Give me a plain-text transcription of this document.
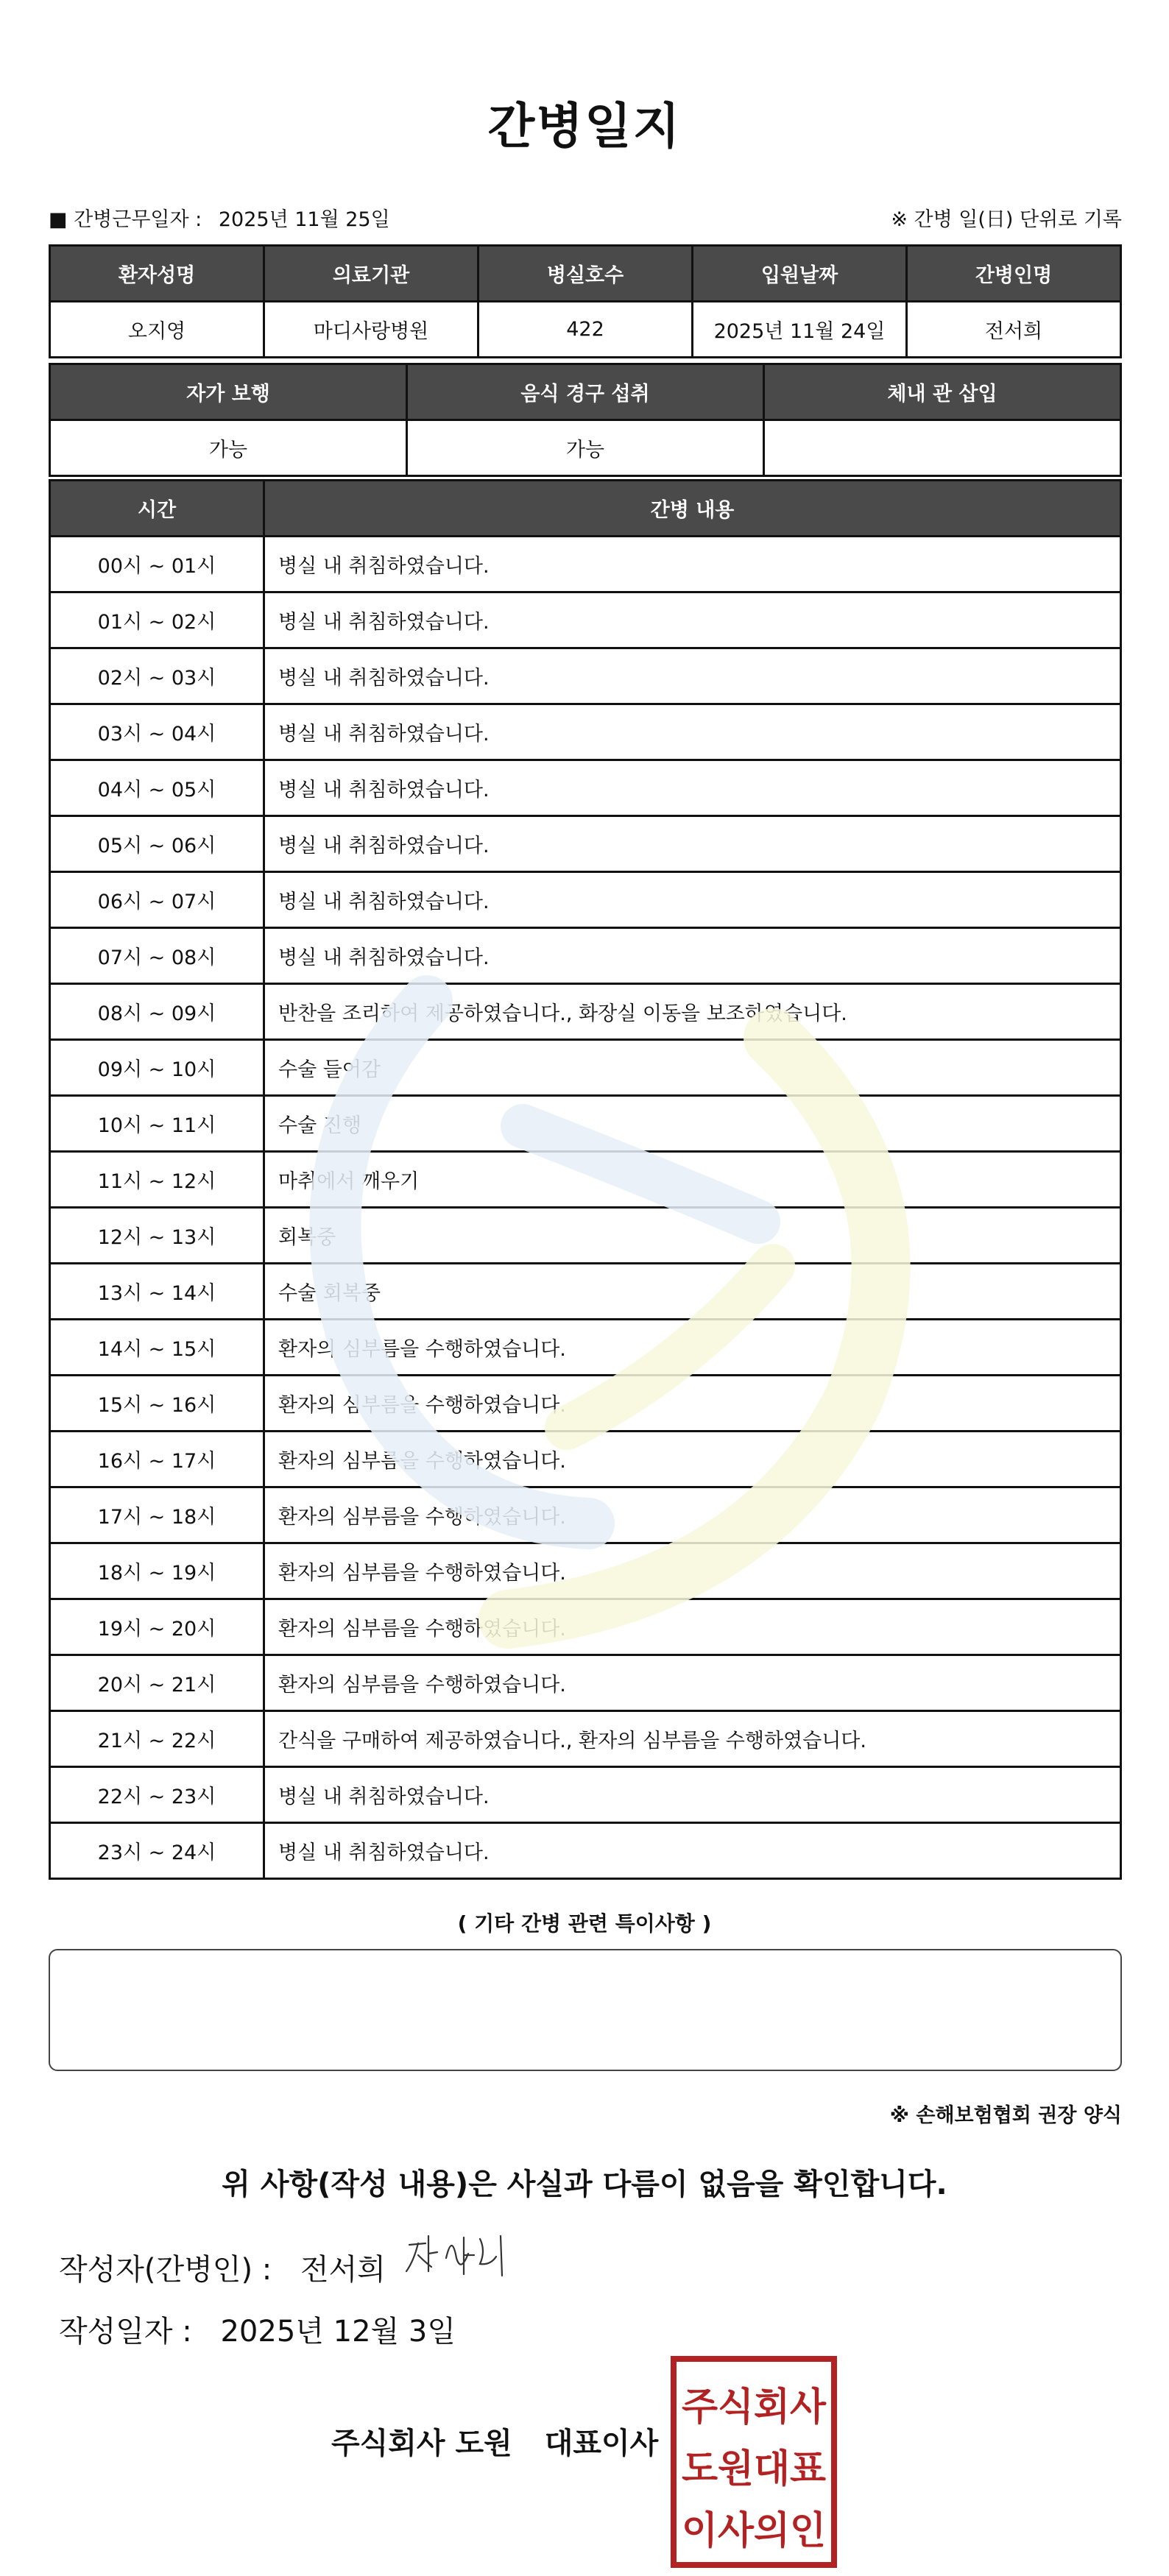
간병일지
■ 간병근무일자 : 2025년 11월 25일	※ 간병 일(日) 단위로 기록
환자성명	의료기관	병실호수	입원날짜	간병인명
오지영	마디사랑병원	422	2025년 11월 24일	전서희
자가 보행	음식 경구 섭취	체내 관 삽입
가능	가능	
시간	간병 내용
00시 ~ 01시	병실 내 취침하였습니다.
01시 ~ 02시	병실 내 취침하였습니다.
02시 ~ 03시	병실 내 취침하였습니다.
03시 ~ 04시	병실 내 취침하였습니다.
04시 ~ 05시	병실 내 취침하였습니다.
05시 ~ 06시	병실 내 취침하였습니다.
06시 ~ 07시	병실 내 취침하였습니다.
07시 ~ 08시	병실 내 취침하였습니다.
08시 ~ 09시	반찬을 조리하여 제공하였습니다., 화장실 이동을 보조하였습니다.
09시 ~ 10시	수술 들어감
10시 ~ 11시	수술 진행
11시 ~ 12시	마취에서 깨우기
12시 ~ 13시	회복중
13시 ~ 14시	수술 회복중
14시 ~ 15시	환자의 심부름을 수행하였습니다.
15시 ~ 16시	환자의 심부름을 수행하였습니다.
16시 ~ 17시	환자의 심부름을 수행하였습니다.
17시 ~ 18시	환자의 심부름을 수행하였습니다.
18시 ~ 19시	환자의 심부름을 수행하였습니다.
19시 ~ 20시	환자의 심부름을 수행하였습니다.
20시 ~ 21시	환자의 심부름을 수행하였습니다.
21시 ~ 22시	간식을 구매하여 제공하였습니다., 환자의 심부름을 수행하였습니다.
22시 ~ 23시	병실 내 취침하였습니다.
23시 ~ 24시	병실 내 취침하였습니다.
( 기타 간병 관련 특이사항 )
※ 손해보험협회 권장 양식
위 사항(작성 내용)은 사실과 다름이 없음을 확인합니다.
작성자(간병인) : 전서희
작성일자 : 2025년 12월 3일
주식회사 도원 대표이사
주식회사
도원대표
이사의인
